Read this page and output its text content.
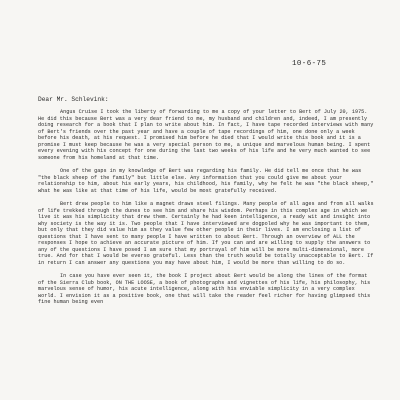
10-6-75
Dear Mr. Schlevink:

Angus Cruise I took the liberty of forwarding to me a copy of your letter to Bert of July 20, 1975. He did this because Bert was a very dear friend to me, my husband and children and, indeed, I am presently doing research for a book that I plan to write about him. In fact, I have tape recorded interviews with many of Bert's friends over the past year and have a couple of tape recordings of him, one done only a week before his death, at his request. I promised him before he died that I would write this book and it is a promise I must keep because he was a very special person to me, a unique and marvelous human being. I spent every evening with his concept for one during the last two weeks of his life and he very much wanted to see someone from his homeland at that time.

One of the gaps in my knowledge of Bert was regarding his family. He did tell me once that he was "the black sheep of the family" but little else. Any information that you could give me about your relationship to him, about his early years, his childhood, his family, why he felt he was "the black sheep," what he was like at that time of his life, would be most gratefully received.

Bert drew people to him like a magnet draws steel filings. Many people of all ages and from all walks of life trekked through the dunes to see him and share his wisdom. Perhaps in this complex age in which we live it was his simplicity that drew them. Certainly he had keen intelligence, a ready wit and insight into why society is the way it is. Two people that I have interviewed are dogpoled why he was important to them, but only that they did value him as they value few other people in their lives. I am enclosing a list of questions that I have sent to many people I have written to about Bert. Through an overview of ALL the responses I hope to achieve an accurate picture of him. If you can and are willing to supply the answers to any of the questions I have posed I am sure that my portrayal of him will be more multi-dimensional, more true. And for that I would be everso grateful. Less than the truth would be totally unacceptable to Bert. If in return I can answer any questions you may have about him, I would be more than willing to do so.

In case you have ever seen it, the book I project about Bert would be along the lines of the format of the Sierra Club book, ON THE LOOSE, a book of photographs and vignettes of his life, his philosophy, his marvelous sense of humor, his acute intelligence, along with his enviable simplicity in a very complex world. I envision it as a positive book, one that will take the reader feel richer for having glimpsed this fine human being even
